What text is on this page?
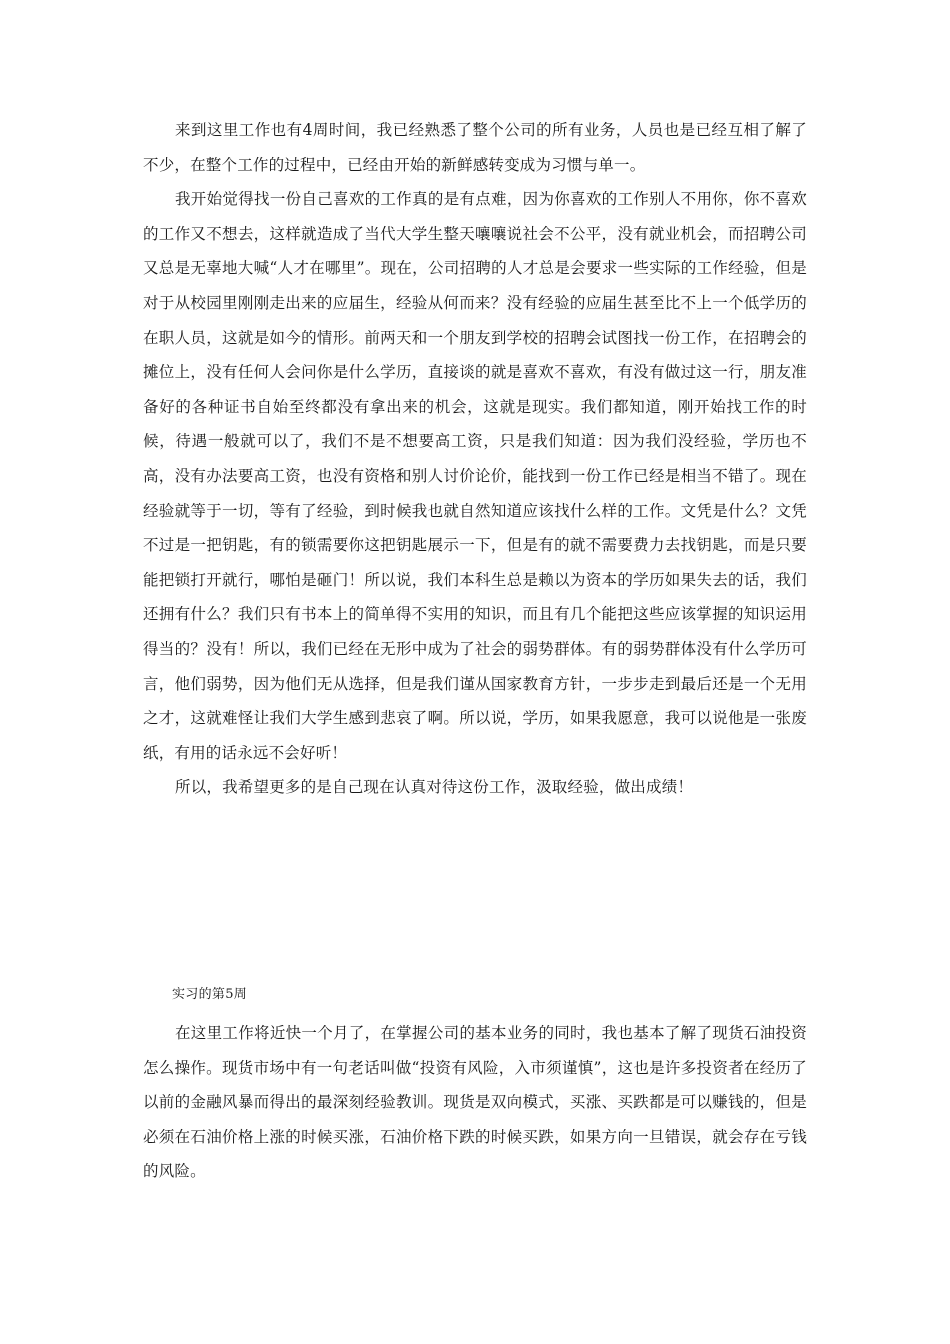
来到这里工作也有4周时间，我已经熟悉了整个公司的所有业务，人员也是已经互相了解了不少，在整个工作的过程中，已经由开始的新鲜感转变成为习惯与单一。

我开始觉得找一份自己喜欢的工作真的是有点难，因为你喜欢的工作别人不用你，你不喜欢的工作又不想去，这样就造成了当代大学生整天嚷嚷说社会不公平，没有就业机会，而招聘公司又总是无辜地大喊“人才在哪里”。现在，公司招聘的人才总是会要求一些实际的工作经验，但是对于从校园里刚刚走出来的应届生，经验从何而来？没有经验的应届生甚至比不上一个低学历的在职人员，这就是如今的情形。前两天和一个朋友到学校的招聘会试图找一份工作，在招聘会的摊位上，没有任何人会问你是什么学历，直接谈的就是喜欢不喜欢，有没有做过这一行，朋友准备好的各种证书自始至终都没有拿出来的机会，这就是现实。我们都知道，刚开始找工作的时候，待遇一般就可以了，我们不是不想要高工资，只是我们知道：因为我们没经验，学历也不高，没有办法要高工资，也没有资格和别人讨价论价，能找到一份工作已经是相当不错了。现在经验就等于一切，等有了经验，到时候我也就自然知道应该找什么样的工作。文凭是什么？文凭不过是一把钥匙，有的锁需要你这把钥匙展示一下，但是有的就不需要费力去找钥匙，而是只要能把锁打开就行，哪怕是砸门！所以说，我们本科生总是赖以为资本的学历如果失去的话，我们还拥有什么？我们只有书本上的简单得不实用的知识，而且有几个能把这些应该掌握的知识运用得当的？没有！所以，我们已经在无形中成为了社会的弱势群体。有的弱势群体没有什么学历可言，他们弱势，因为他们无从选择，但是我们谨从国家教育方针，一步步走到最后还是一个无用之才，这就难怪让我们大学生感到悲哀了啊。所以说，学历，如果我愿意，我可以说他是一张废纸，有用的话永远不会好听！

所以，我希望更多的是自己现在认真对待这份工作，汲取经验，做出成绩！

实习的第5周

在这里工作将近快一个月了，在掌握公司的基本业务的同时，我也基本了解了现货石油投资怎么操作。现货市场中有一句老话叫做“投资有风险，入市须谨慎”，这也是许多投资者在经历了以前的金融风暴而得出的最深刻经验教训。现货是双向模式，买涨、买跌都是可以赚钱的，但是必须在石油价格上涨的时候买涨，石油价格下跌的时候买跌，如果方向一旦错误，就会存在亏钱的风险。
